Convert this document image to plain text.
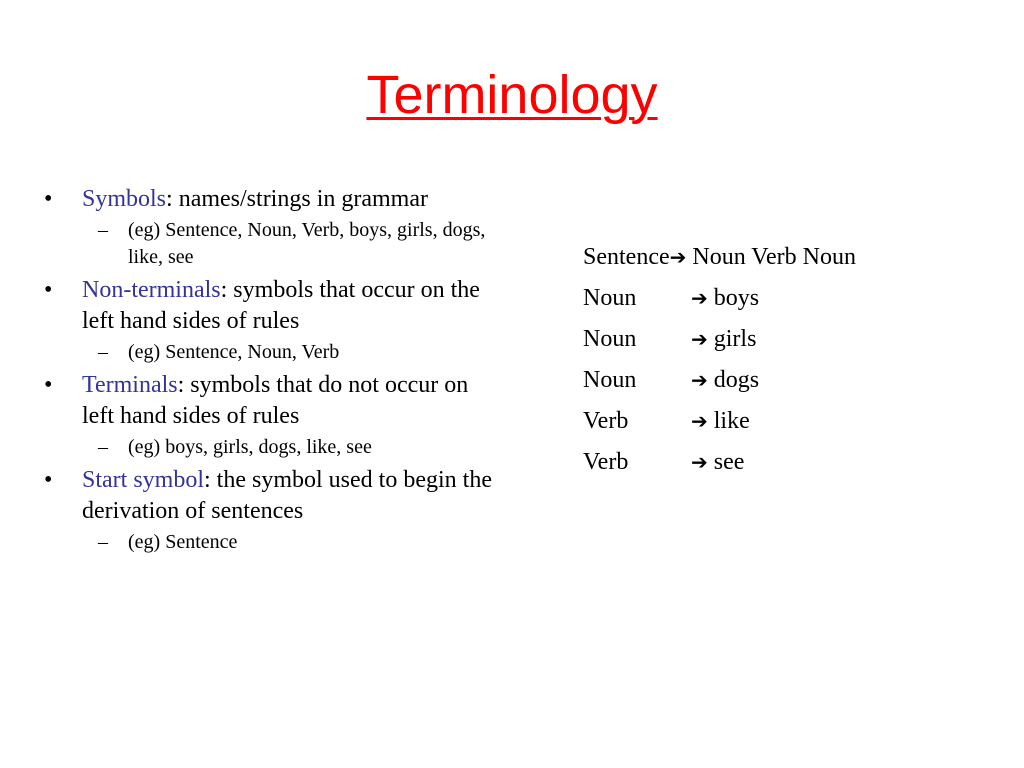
Terminology
• Symbols: names/strings in grammar
– (eg) Sentence, Noun, Verb, boys, girls, dogs, like, see
• Non-terminals: symbols that occur on the left hand sides of rules
– (eg) Sentence, Noun, Verb
• Terminals: symbols that do not occur on left hand sides of rules
– (eg) boys, girls, dogs, like, see
• Start symbol: the symbol used to begin the derivation of sentences
– (eg) Sentence
Sentence➔ Noun Verb Noun
Noun	➔ boys
Noun	➔ girls
Noun	➔ dogs
Verb	➔ like
Verb	➔ see
